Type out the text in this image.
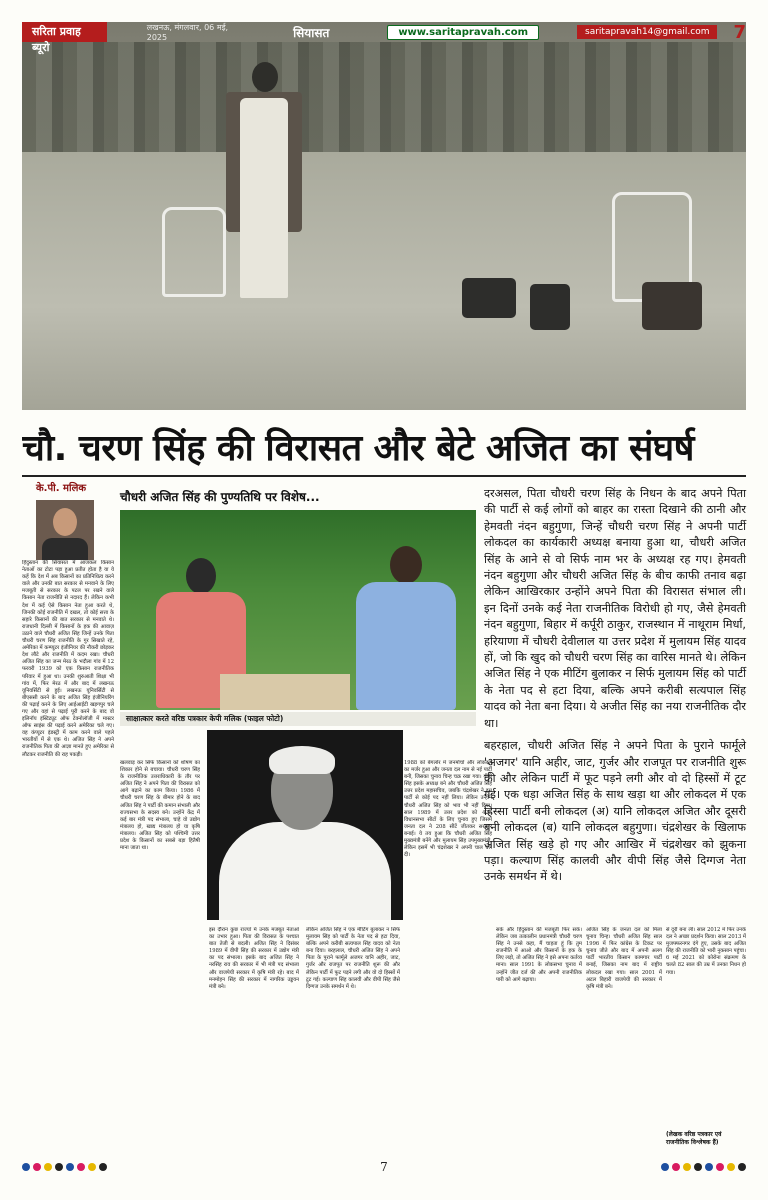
सरिता प्रवाह ब्यूरो
लखनऊ, मंगलवार, 06 मई, 2025	सियासत	www.saritapravah.com	saritapravah14@gmail.com	7
चौ. चरण सिंह की विरासत और बेटे अजित का संघर्ष
के.पी. मलिक
चौधरी अजित सिंह की पुण्यतिथि पर विशेष...
साक्षात्कार करते वरिष्ठ पत्रकार केपी मलिक (फाइल फोटो)

दरअसल, पिता चौधरी चरण सिंह के निधन के बाद अपने पिता की पार्टी से कई लोगों को बाहर का रास्ता दिखाने की ठानी और हेमवती नंदन बहुगुणा, जिन्हें चौधरी चरण सिंह ने अपनी पार्टी लोकदल का कार्यकारी अध्यक्ष बनाया हुआ था, चौधरी अजित सिंह के आने से वो सिर्फ नाम भर के अध्यक्ष रह गए। हेमवती नंदन बहुगुणा और चौधरी अजित सिंह के बीच काफी तनाव बढ़ा लेकिन आखिरकार उन्होंने अपने पिता की विरासत संभाल ली। इन दिनों उनके कई नेता राजनीतिक विरोधी हो गए, जैसे हेमवती नंदन बहुगुणा, बिहार में कर्पूरी ठाकुर, राजस्थान में नाथूराम मिर्धा, हरियाणा में चौधरी देवीलाल या उत्तर प्रदेश में मुलायम सिंह यादव हों, जो कि खुद को चौधरी चरण सिंह का वारिस मानते थे। लेकिन अजित सिंह ने एक मीटिंग बुलाकर न सिर्फ मुलायम सिंह को पार्टी के नेता पद से हटा दिया, बल्कि अपने करीबी सत्यपाल सिंह यादव को नेता बना दिया। ये अजीत सिंह का नया राजनीतिक दौर था।

बहरहाल, चौधरी अजित सिंह ने अपने पिता के पुराने फार्मूले 'अजगर' यानि अहीर, जाट, गुर्जर और राजपूत पर राजनीति शुरू की और लेकिन पार्टी में फूट पड़ने लगी और वो दो हिस्सों में टूट गई। एक धड़ा अजित सिंह के साथ खड़ा था और लोकदल में एक हिस्सा पार्टी बनी लोकदल (अ) यानि लोकदल अजित और दूसरी बनी लोकदल (ब) यानि लोकदल बहुगुणा। चंद्रशेखर के खिलाफ अजित सिंह खड़े हो गए और आखिर में चंद्रशेखर को झुकना पड़ा। कल्याण सिंह कालवी और वीपी सिंह जैसे दिग्गज नेता उनके समर्थन में थे।

हिंदुस्तान की सियासत में आजकल किसान नेताओं का टोटा पड़ा हुआ प्रतीत होता है या ये कहें कि देश में अब किसानों का प्रतिनिधित्व करने वाले और उनकी बात सरकार से मनवाने के लिए मजबूती से सरकार के पटल पर रखने वाले किसान नेता राजनीति से नदारद हैं। लेकिन कभी देश में कई ऐसे किसान नेता हुआ करते थे, जिनकी कोई राजनीति में दखल, तो कोई सत्ता के सहारे किसानों की बात सरकार से मनवाते थे। राजधानी दिल्ली में किसानों के हक की आवाज़ उठाने वाले चौधरी अजित सिंह जिन्हें उनके पिता चौधरी चरण सिंह राजनीति के गुर सिखाते रहे, अमेरिका में कम्प्यूटर इंजीनियर की नौकरी छोड़कर देश लौटे और राजनीति में कदम रखा। चौधरी अजित सिंह का जन्म मेरठ के भदौला गांव में 12 फरवरी 1939 को एक किसान राजनीतिक परिवार में हुआ था। उनकी शुरुआती शिक्षा भी गांव में, फिर मेरठ में और बाद में लखनऊ यूनिवर्सिटी से हुई। लखनऊ यूनिवर्सिटी से बीएससी करने के बाद अजित सिंह इंजीनियरिंग की पढ़ाई करने के लिए आईआईटी खड़गपुर चले गए और वहां से पढ़ाई पूरी करने के बाद वो इलिनॉय इंस्टिट्यूट ऑफ टेक्नोलॉजी में मास्टर ऑफ साइंस की पढ़ाई करने अमेरिका चले गए। वह कंप्यूटर इंडस्ट्री में काम करने वाले पहले भारतीयों में से एक थे। अजित सिंह ने अपने राजनीतिक पिता की आज्ञा मानते हुए अमेरिका से लौटकर राजनीति की राह पकड़ी।
खलवाड़ कर सिर्फ किसानों को शोषण का शिकार होने से बचाया। चौधरी चरण सिंह के राजनीतिक उत्तराधिकारी के तौर पर अजित सिंह ने अपने पिता की विरासत को आगे बढ़ाने का काम किया। 1986 में चौधरी चरण सिंह के बीमार होने के बाद अजित सिंह ने पार्टी की कमान संभाली और राज्यसभा के सदस्य बने। उन्होंने केंद्र में कई बार मंत्री पद संभाला, चाहे वो उद्योग मंत्रालय हो, खाद्य मंत्रालय हो या कृषि मंत्रालय। अजित सिंह को पश्चिमी उत्तर प्रदेश के किसानों का सबसे बड़ा हितैषी माना जाता था।
इस दौरान कुछ राज्यों में उनके मजबूत नेताओं का उभार हुआ। पिता की विरासत के पश्चात बात तेजी से बदली। अजित सिंह ने दिसंबर 1989 में वीपी सिंह की सरकार में उद्योग मंत्री का पद संभाला। इसके बाद अजित सिंह ने नरसिंह राव की सरकार में भी मंत्री पद संभाला और वाजपेयी सरकार में कृषि मंत्री रहे। बाद में मनमोहन सिंह की सरकार में नागरिक उड्डयन मंत्री बने।
लेकिन अजित सिंह ने एक मीटिंग बुलाकर न सिर्फ मुलायम सिंह को पार्टी के नेता पद से हटा दिया, बल्कि अपने करीबी सत्यपाल सिंह यादव को नेता बना दिया। बरहलाल, चौधरी अजित सिंह ने अपने पिता के पुराने फार्मूले अजगर यानि अहीर, जाट, गुर्जर और राजपूत पर राजनीति शुरू की और लेकिन पार्टी में फूट पड़ने लगी और वो दो हिस्सों में टूट गई। कल्याण सिंह कालवी और वीपी सिंह जैसे दिग्गज उनके समर्थन में थे।
1988 को बेंगलोर में जनमोर्चा और लोकदल का मर्जर हुआ और जनता दल नाम से नई पार्टी बनी, जिसका चुनाव चिन्ह चक्र रखा गया। वीपी सिंह इसके अध्यक्ष बने और चौधरी अजित सिंह उत्तर प्रदेश महासचिव, जबकि चंद्रशेखर ने इस पार्टी से कोई पद नहीं लिया। लेकिन उन्होंने चौधरी अजित सिंह को भाव भी नहीं दिया। साल 1989 में उत्तर प्रदेश को 425 विधानसभा सीटों के लिए चुनाव हुए जिसमें जनता दल ने 208 सीटें जीतकर सरकार बनाई। ये तय हुआ कि चौधरी अजित सिंह मुख्यमंत्री बनेंगे और मुलायम सिंह उपमुख्यमंत्री, लेकिन इसमें भी चंद्रशेखर ने अपनी चाल चल दी।
सके और हिंदुस्तान की मजबूती फिर सके। लेकिन जब तत्कालीन प्रधानमंत्री चौधरी चरण सिंह ने उनसे कहा, मैं चाहता हूं कि तुम राजनीति में आओ और किसानों के हक के लिए लड़ो, तो अजित सिंह ने इसे अपना कर्तव्य माना। साल 1991 के लोकसभा चुनाव में उन्होंने जीत दर्ज की और अपनी राजनीतिक पारी को आगे बढ़ाया।
अजित सिंह के जनता दल को मिला चुनाव चिन्ह। चौधरी अजित सिंह साल 1996 में फिर कांग्रेस के टिकट पर चुनाव जीते और बाद में अपनी अलग पार्टी भारतीय किसान कामगार पार्टी बनाई, जिसका नाम बाद में राष्ट्रीय लोकदल रखा गया। साल 2001 में अटल बिहारी वाजपेयी की सरकार में कृषि मंत्री बने।
से दूरी बना ली। साल 2012 में फिर उनके दल ने अच्छा प्रदर्शन किया। साल 2013 में मुजफ्फरनगर दंगे हुए, उसके बाद अजित सिंह की राजनीति को भारी नुकसान पहुंचा। 6 मई 2021 को कोरोना संक्रमण के चलते 82 साल की उम्र में उनका निधन हो गया।
(लेखक वरिष्ठ पत्रकार एवं राजनीतिक विश्लेषक हैं)
7
